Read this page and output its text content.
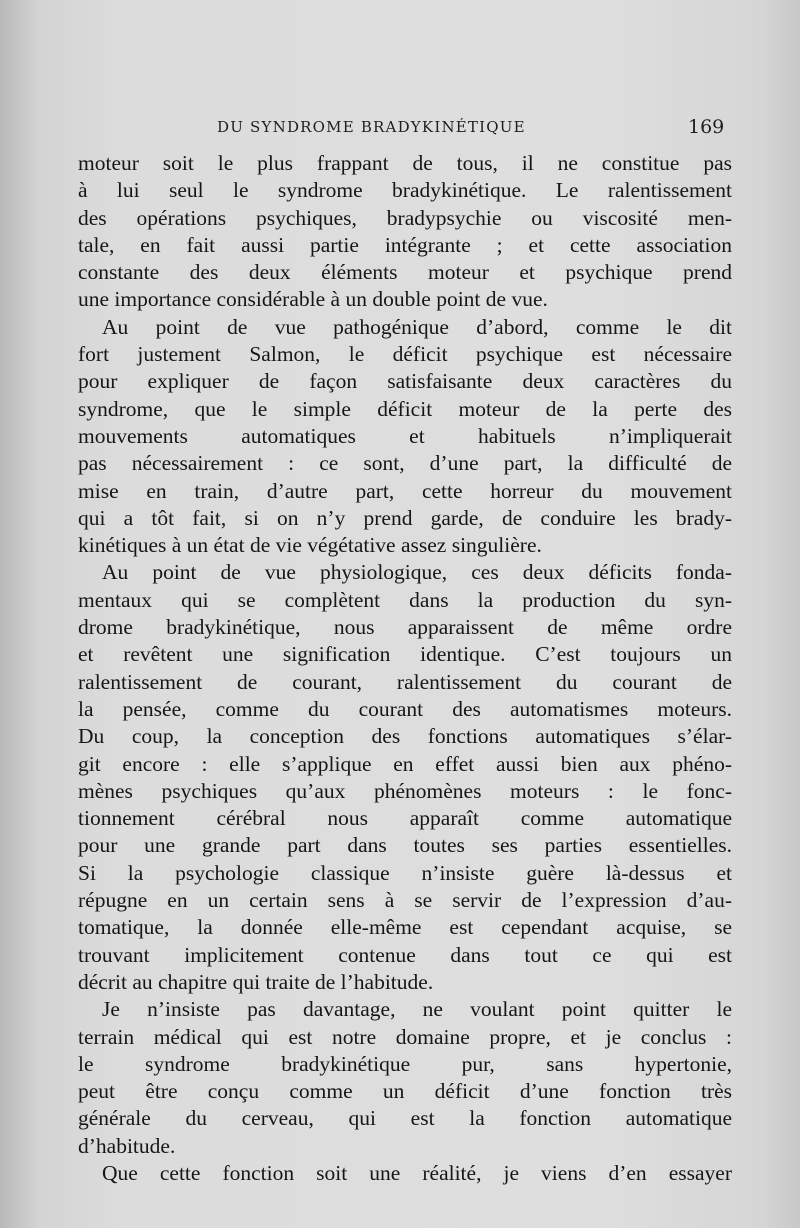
DU SYNDROME BRADYKINÉTIQUE	169
moteur soit le plus frappant de tous, il ne constitue pas
à lui seul le syndrome bradykinétique. Le ralentissement
des opérations psychiques, bradypsychie ou viscosité men-
tale, en fait aussi partie intégrante ; et cette association
constante des deux éléments moteur et psychique prend
une importance considérable à un double point de vue.
Au point de vue pathogénique d’abord, comme le dit
fort justement Salmon, le déficit psychique est nécessaire
pour expliquer de façon satisfaisante deux caractères du
syndrome, que le simple déficit moteur de la perte des
mouvements automatiques et habituels n’impliquerait
pas nécessairement : ce sont, d’une part, la difficulté de
mise en train, d’autre part, cette horreur du mouvement
qui a tôt fait, si on n’y prend garde, de conduire les brady-
kinétiques à un état de vie végétative assez singulière.
Au point de vue physiologique, ces deux déficits fonda-
mentaux qui se complètent dans la production du syn-
drome bradykinétique, nous apparaissent de même ordre
et revêtent une signification identique. C’est toujours un
ralentissement de courant, ralentissement du courant de
la pensée, comme du courant des automatismes moteurs.
Du coup, la conception des fonctions automatiques s’élar-
git encore : elle s’applique en effet aussi bien aux phéno-
mènes psychiques qu’aux phénomènes moteurs : le fonc-
tionnement cérébral nous apparaît comme automatique
pour une grande part dans toutes ses parties essentielles.
Si la psychologie classique n’insiste guère là-dessus et
répugne en un certain sens à se servir de l’expression d’au-
tomatique, la donnée elle-même est cependant acquise, se
trouvant implicitement contenue dans tout ce qui est
décrit au chapitre qui traite de l’habitude.
Je n’insiste pas davantage, ne voulant point quitter le
terrain médical qui est notre domaine propre, et je conclus :
le syndrome bradykinétique pur, sans hypertonie,
peut être conçu comme un déficit d’une fonction très
générale du cerveau, qui est la fonction automatique
d’habitude.
Que cette fonction soit une réalité, je viens d’en essayer
